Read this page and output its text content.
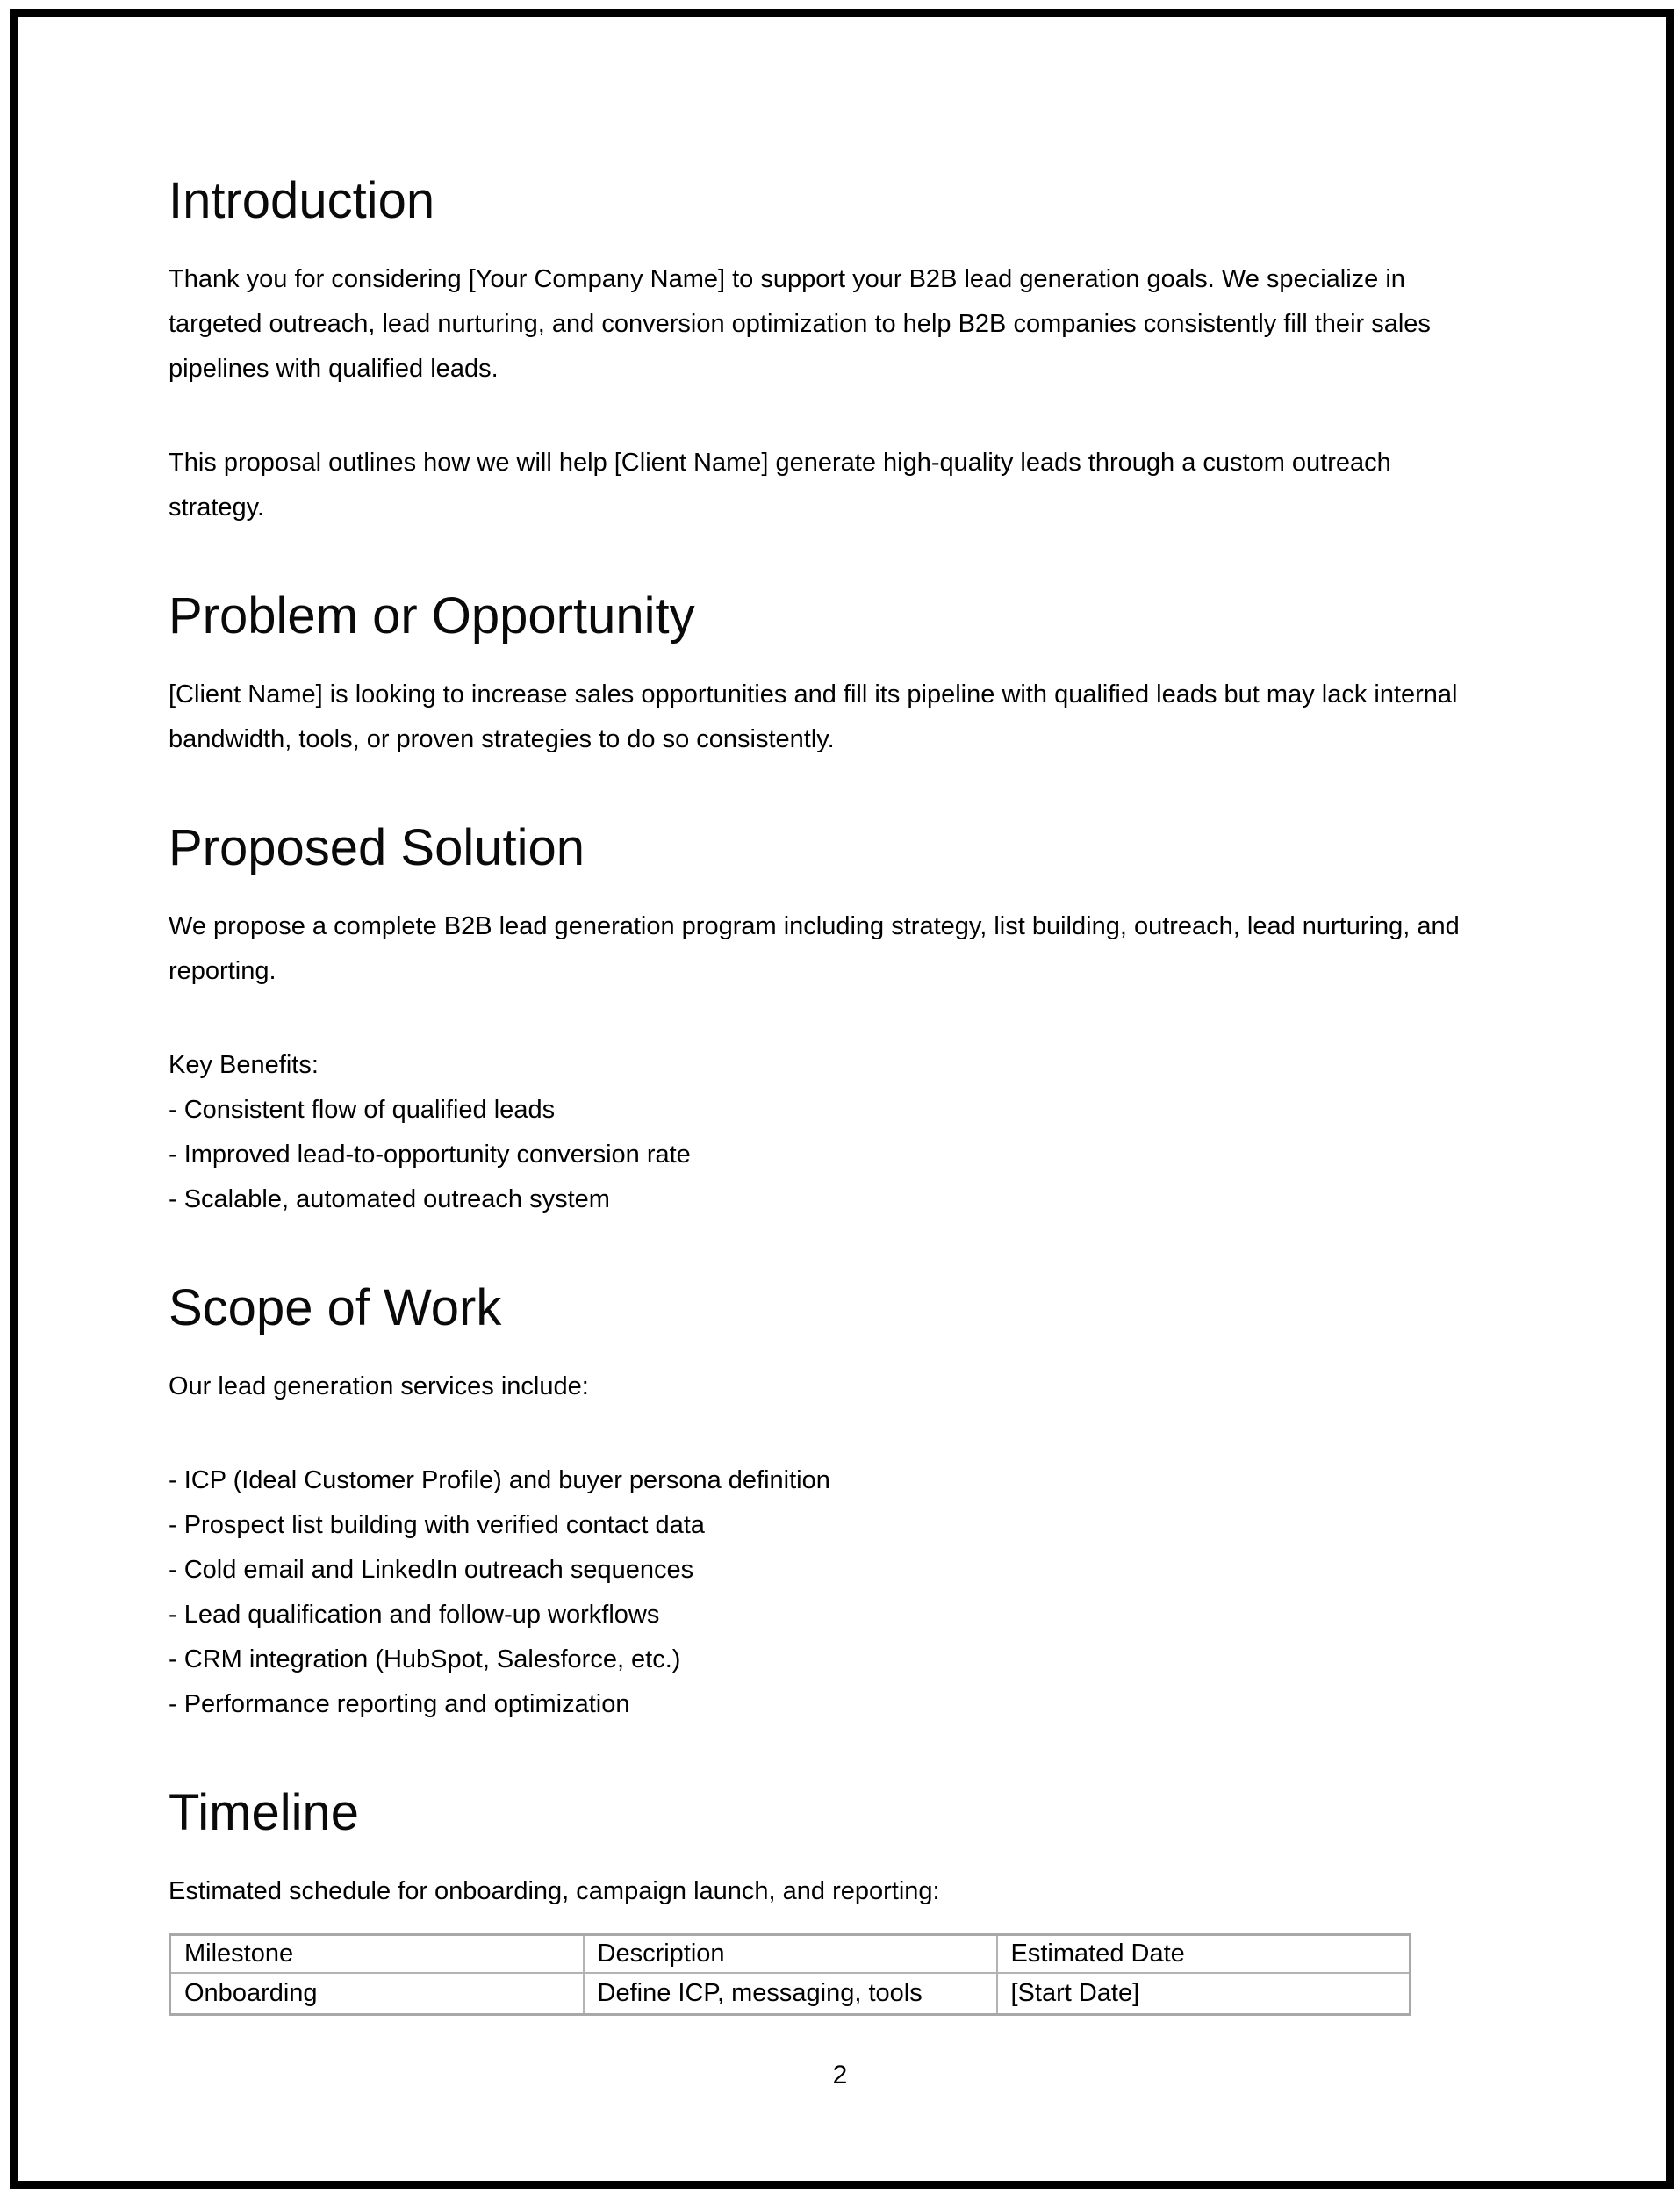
Introduction

Thank you for considering [Your Company Name] to support your B2B lead generation goals. We specialize in targeted outreach, lead nurturing, and conversion optimization to help B2B companies consistently fill their sales pipelines with qualified leads.

This proposal outlines how we will help [Client Name] generate high-quality leads through a custom outreach strategy.

Problem or Opportunity

[Client Name] is looking to increase sales opportunities and fill its pipeline with qualified leads but may lack internal bandwidth, tools, or proven strategies to do so consistently.

Proposed Solution

We propose a complete B2B lead generation program including strategy, list building, outreach, lead nurturing, and reporting.

Key Benefits:
- Consistent flow of qualified leads
- Improved lead-to-opportunity conversion rate
- Scalable, automated outreach system
Scope of Work

Our lead generation services include:

- ICP (Ideal Customer Profile) and buyer persona definition
- Prospect list building with verified contact data
- Cold email and LinkedIn outreach sequences
- Lead qualification and follow-up workflows
- CRM integration (HubSpot, Salesforce, etc.)
- Performance reporting and optimization
Timeline

Estimated schedule for onboarding, campaign launch, and reporting:

Milestone	Description	Estimated Date
Onboarding	Define ICP, messaging, tools	[Start Date]
2
